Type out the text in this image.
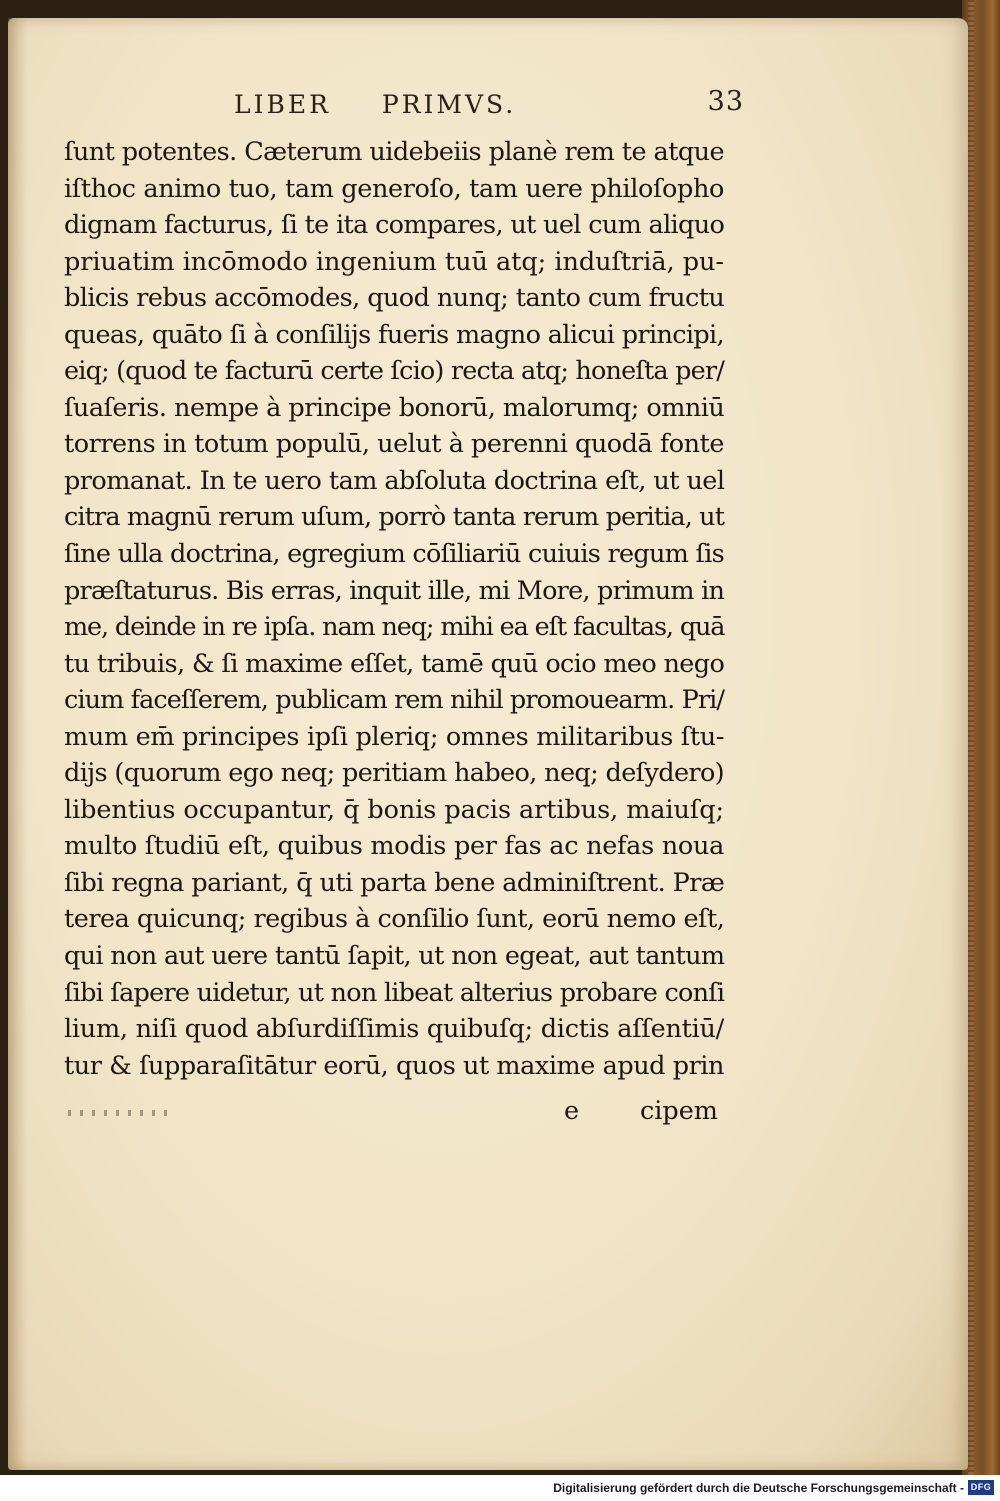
LIBER PRIMVS.	33
ſunt potentes. Cæterum uidebeiis planè rem te atque
iſthoc animo tuo, tam generoſo, tam uere philoſopho
dignam facturus, ſi te ita compares, ut uel cum aliquo
priuatim incōmodo ingenium tuū atq; induſtriā, pu-
blicis rebus accōmodes, quod nunq; tanto cum fructu
queas, quāto ſi à conſilijs fueris magno alicui principi,
eiq; (quod te facturū certe ſcio) recta atq; honeſta per/
ſuaſeris. nempe à principe bonorū, malorumq; omniū
torrens in totum populū, uelut à perenni quodā fonte
promanat. In te uero tam abſoluta doctrina eſt, ut uel
citra magnū rerum uſum, porrò tanta rerum peritia, ut
ſine ulla doctrina, egregium cōſiliariū cuiuis regum ſis
præſtaturus. Bis erras, inquit ille, mi More, primum in
me, deinde in re ipſa. nam neq; mihi ea eſt facultas, quā
tu tribuis, & ſi maxime eſſet, tamē quū ocio meo nego
cium faceſſerem, publicam rem nihil promouearm. Pri/
mum em̄ principes ipſi pleriq; omnes militaribus ſtu-
dijs (quorum ego neq; peritiam habeo, neq; deſydero)
libentius occupantur, q̄ bonis pacis artibus, maiuſq;
multo ſtudiū eſt, quibus modis per fas ac nefas noua
ſibi regna pariant, q̄ uti parta bene adminiſtrent. Præ
terea quicunq; regibus à conſilio ſunt, eorū nemo eſt,
qui non aut uere tantū ſapit, ut non egeat, aut tantum
ſibi ſapere uidetur, ut non libeat alterius probare conſi
lium, niſi quod abſurdiſſimis quibuſq; dictis aſſentiū/
tur & ſupparaſitātur eorū, quos ut maxime apud prin
e cipem
Digitalisierung gefördert durch die Deutsche Forschungsgemeinschaft - DFG
